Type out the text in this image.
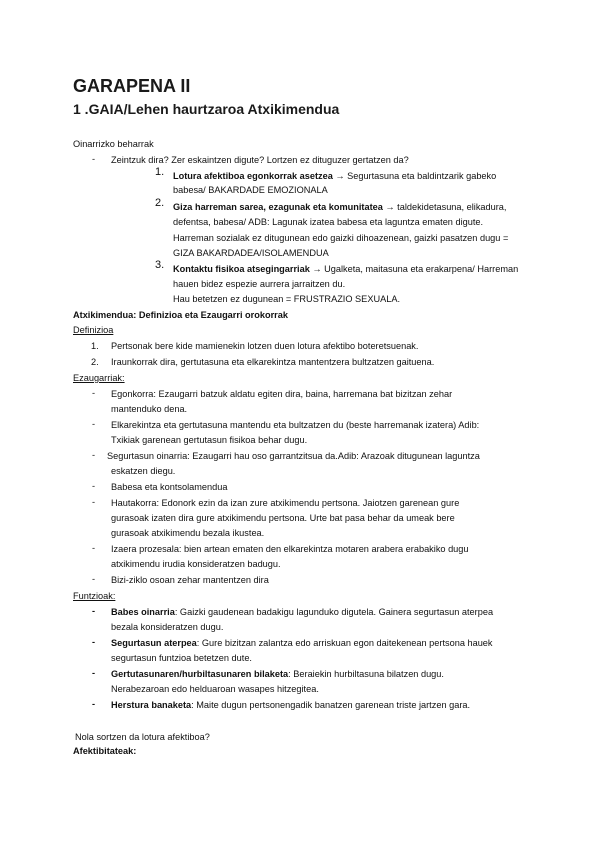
GARAPENA II
1 .GAIA/Lehen haurtzaroa Atxikimendua
Oinarrizko beharrak
- Zeintzuk dira? Zer eskaintzen digute? Lortzen ez dituguzer gertatzen da?
1. Lotura afektiboa egonkorrak asetzea → Segurtasuna eta baldintzarik gabeko
babesa/ BAKARDADE EMOZIONALA
2. Giza harreman sarea, ezagunak eta komunitatea → taldekidetasuna, elikadura,
defentsa, babesa/ ADB: Lagunak izatea babesa eta laguntza ematen digute.
Harreman sozialak ez ditugunean edo gaizki dihoazenean, gaizki pasatzen dugu =
GIZA BAKARDADEA/ISOLAMENDUA
3. Kontaktu fisikoa atsegingarriak → Ugalketa, maitasuna eta erakarpena/ Harreman
hauen bidez espezie aurrera jarraitzen du.
Hau betetzen ez dugunean = FRUSTRAZIO SEXUALA.
Atxikimendua: Definizioa eta Ezaugarri orokorrak
Definizioa
1. Pertsonak bere kide mamienekin lotzen duen lotura afektibo boteretsuenak.
2. Iraunkorrak dira, gertutasuna eta elkarekintza mantentzera bultzatzen gaituena.
Ezaugarriak:
- Egonkorra: Ezaugarri batzuk aldatu egiten dira, baina, harremana bat bizitzan zehar
mantenduko dena.
- Elkarekintza eta gertutasuna mantendu eta bultzatzen du (beste harremanak izatera) Adib:
Txikiak garenean gertutasun fisikoa behar dugu.
- Segurtasun oinarria: Ezaugarri hau oso garrantzitsua da.Adib: Arazoak ditugunean laguntza
eskatzen diegu.
- Babesa eta kontsolamendua
- Hautakorra: Edonork ezin da izan zure atxikimendu pertsona. Jaiotzen garenean gure
gurasoak izaten dira gure atxikimendu pertsona. Urte bat pasa behar da umeak bere
gurasoak atxikimendu bezala ikustea.
- Izaera prozesala: bien artean ematen den elkarekintza motaren arabera erabakiko dugu
atxikimendu irudia konsideratzen badugu.
- Bizi-ziklo osoan zehar mantentzen dira
Funtzioak:
- Babes oinarria: Gaizki gaudenean badakigu lagunduko digutela. Gainera segurtasun aterpea
bezala konsideratzen dugu.
- Segurtasun aterpea: Gure bizitzan zalantza edo arriskuan egon daitekenean pertsona hauek
segurtasun funtzioa betetzen dute.
- Gertutasunaren/hurbiltasunaren bilaketa: Beraiekin hurbiltasuna bilatzen dugu.
Nerabezaroan edo helduaroan wasapes hitzegitea.
- Herstura banaketa: Maite dugun pertsonengadik banatzen garenean triste jartzen gara.
Nola sortzen da lotura afektiboa?
Afektibitateak:
